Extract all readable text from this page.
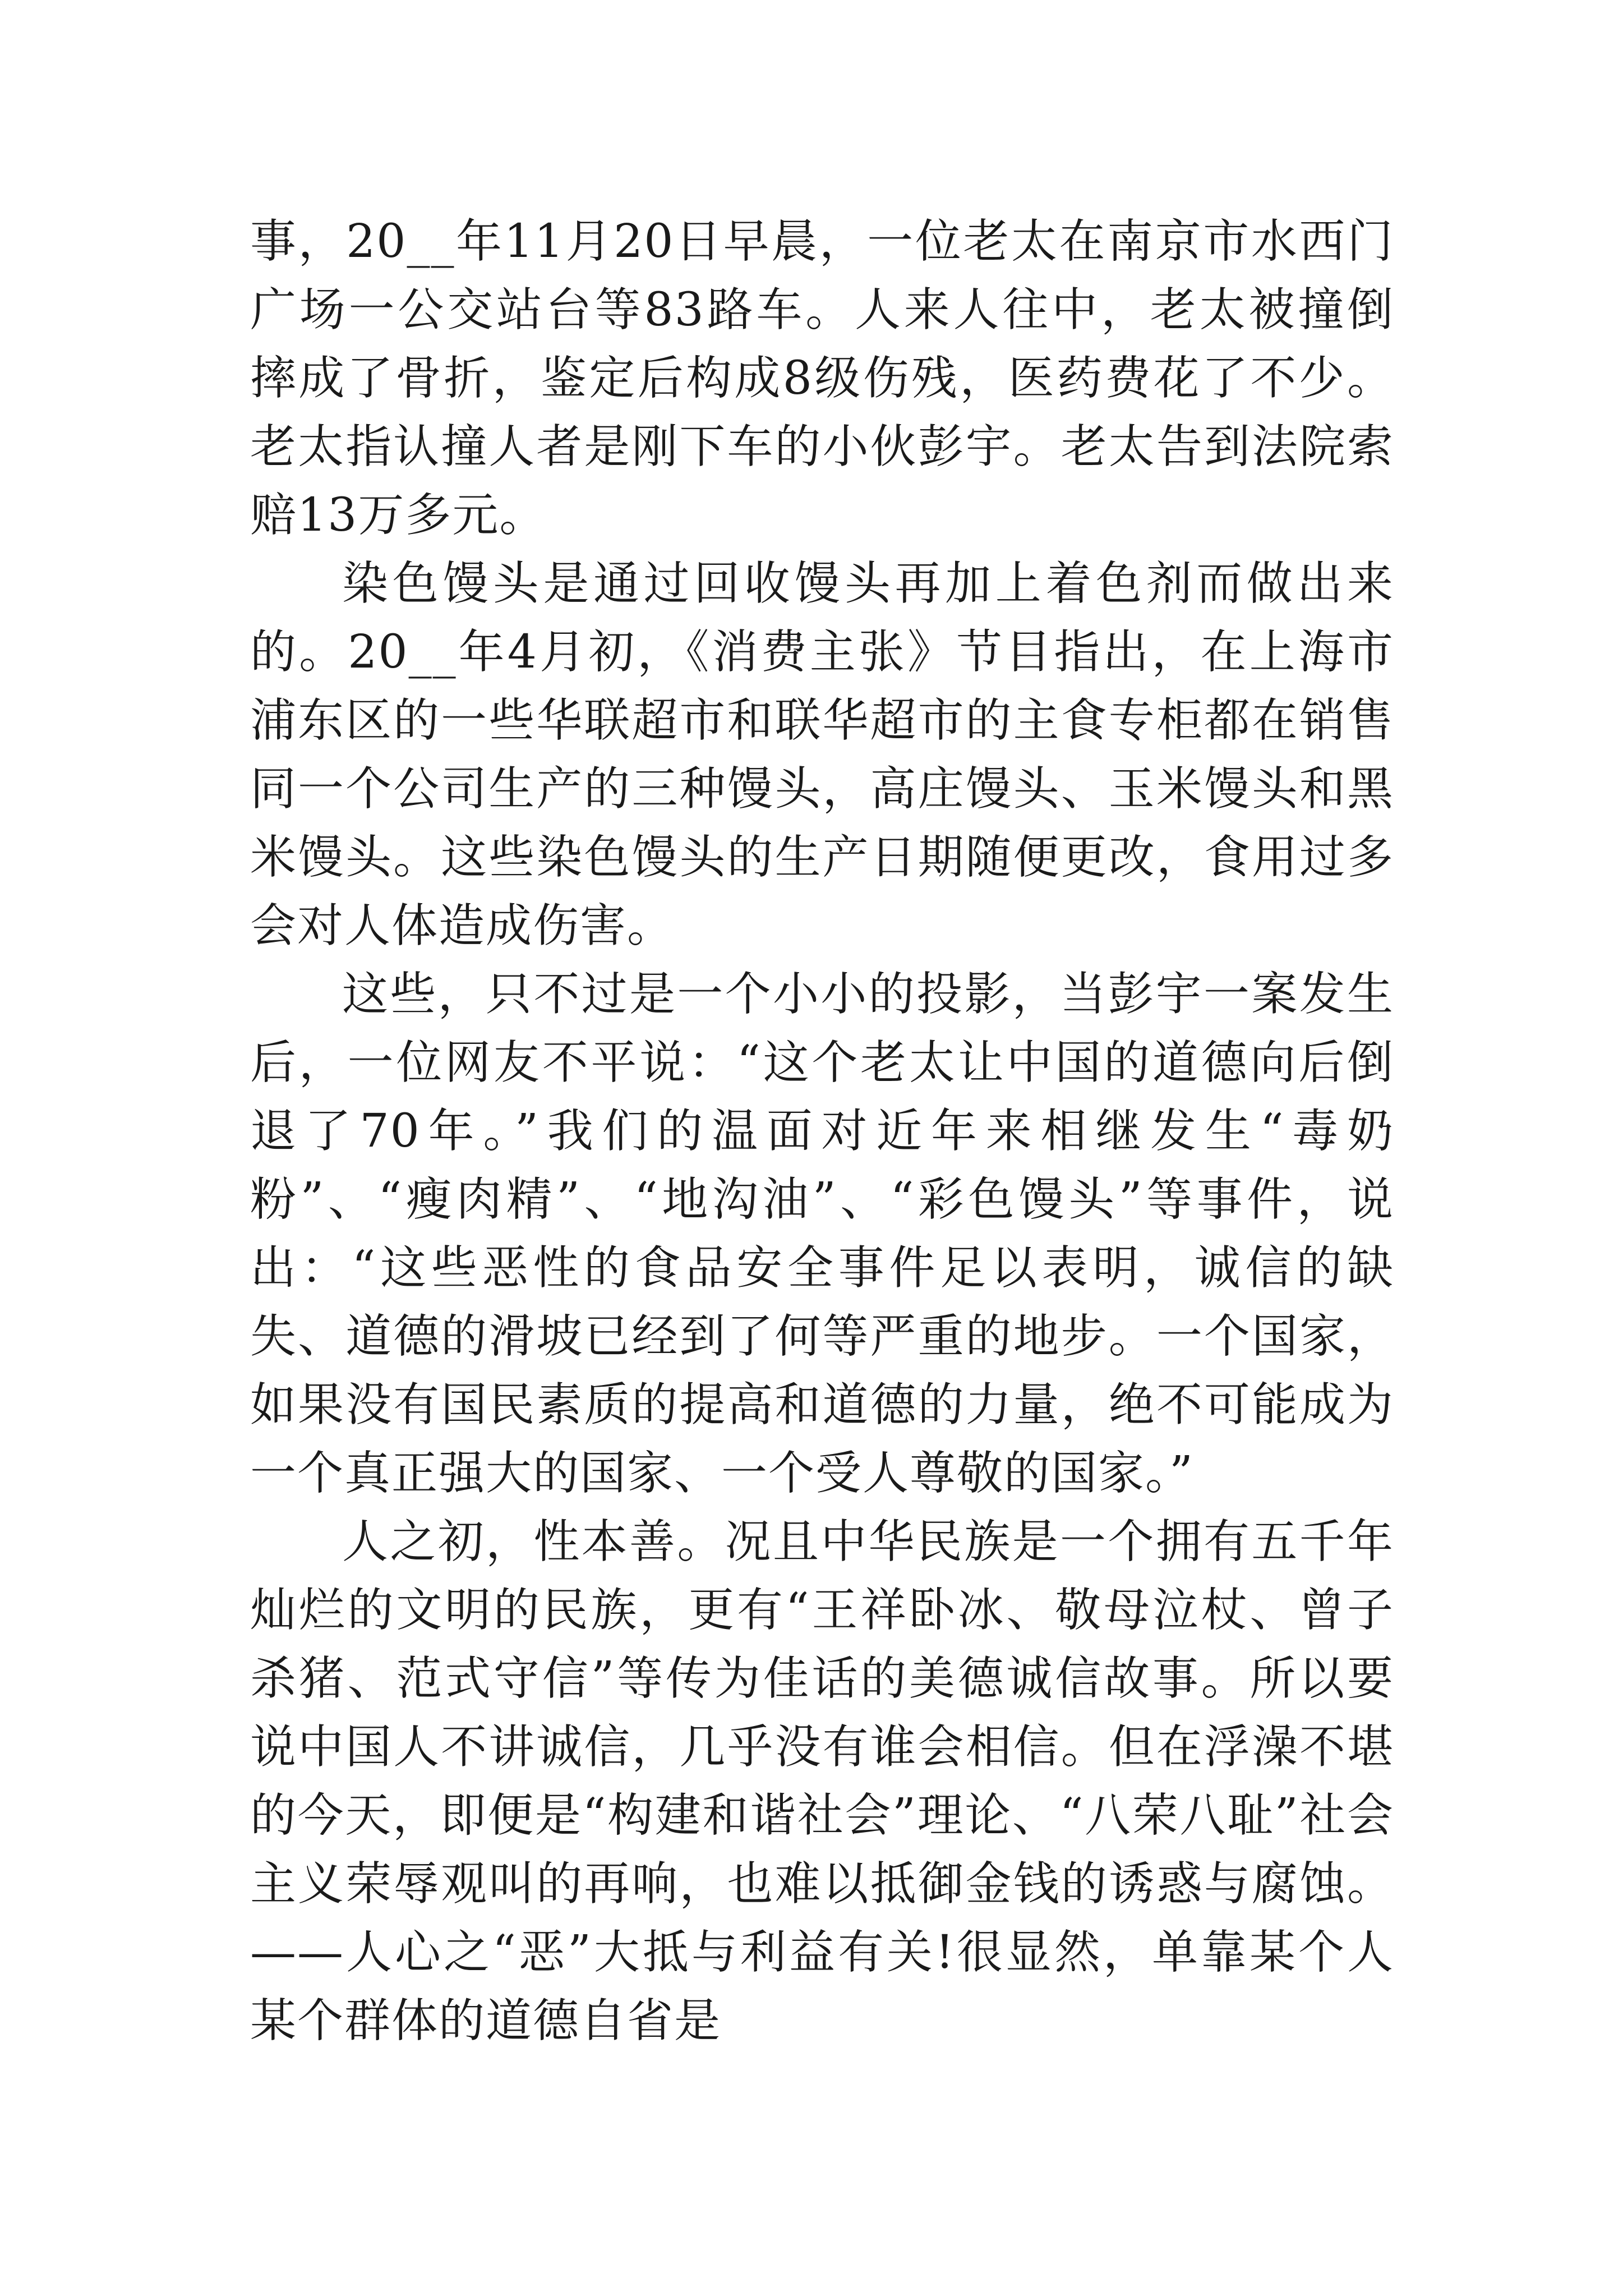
事，20__年11月20日早晨，一位老太在南京市水西门广场一公交站台等83路车。人来人往中，老太被撞倒摔成了骨折，鉴定后构成8级伤残，医药费花了不少。老太指认撞人者是刚下车的小伙彭宇。老太告到法院索赔13万多元。

染色馒头是通过回收馒头再加上着色剂而做出来的。20__年4月初，《消费主张》节目指出，在上海市浦东区的一些华联超市和联华超市的主食专柜都在销售同一个公司生产的三种馒头，高庄馒头、玉米馒头和黑米馒头。这些染色馒头的生产日期随便更改，食用过多会对人体造成伤害。

这些，只不过是一个小小的投影，当彭宇一案发生后，一位网友不平说：“这个老太让中国的道德向后倒退了70年。”我们的温面对近年来相继发生“毒奶粉”、“瘦肉精”、“地沟油”、“彩色馒头”等事件，说出：“这些恶性的食品安全事件足以表明，诚信的缺失、道德的滑坡已经到了何等严重的地步。一个国家，如果没有国民素质的提高和道德的力量，绝不可能成为一个真正强大的国家、一个受人尊敬的国家。”

人之初，性本善。况且中华民族是一个拥有五千年灿烂的文明的民族，更有“王祥卧冰、敬母泣杖、曾子杀猪、范式守信”等传为佳话的美德诚信故事。所以要说中国人不讲诚信，几乎没有谁会相信。但在浮澡不堪的今天，即便是“构建和谐社会”理论、“八荣八耻”社会主义荣辱观叫的再响，也难以抵御金钱的诱惑与腐蚀。——人心之“恶”大抵与利益有关!很显然，单靠某个人某个群体的道德自省是
